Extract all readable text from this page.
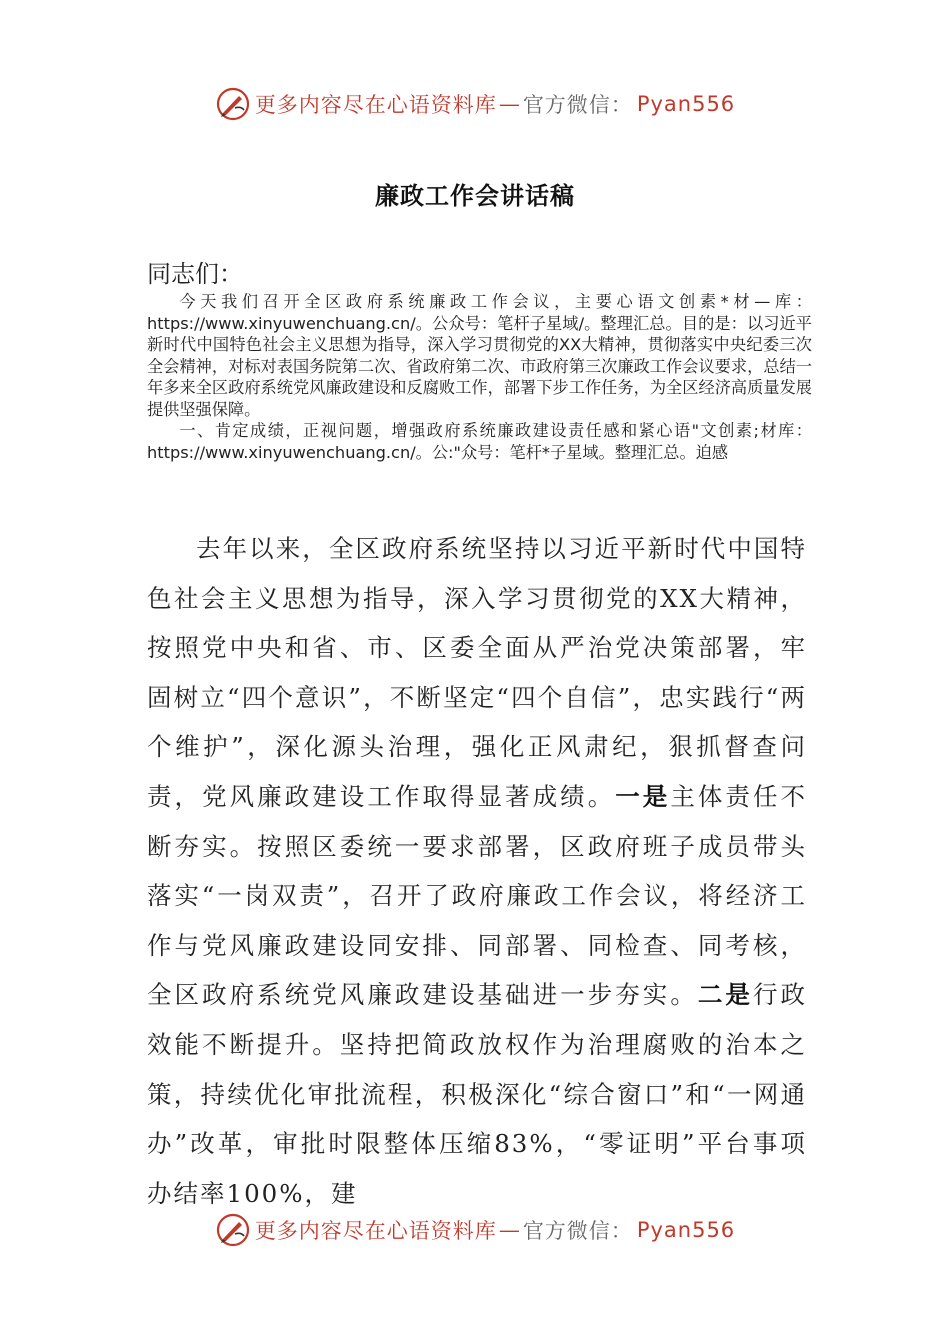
更多内容尽在心语资料库 — 官方微信： Pyan556
廉政工作会讲话稿
同志们：

今天我们召开全区政府系统廉政工作会议，主要心语文创素*材—库：https://www.xinyuwenchuang.cn/。公众号：笔杆子星域/。整理汇总。目的是：以习近平新时代中国特色社会主义思想为指导，深入学习贯彻党的XX大精神，贯彻落实中央纪委三次全会精神，对标对表国务院第二次、省政府第二次、市政府第三次廉政工作会议要求，总结一年多来全区政府系统党风廉政建设和反腐败工作，部署下步工作任务，为全区经济高质量发展提供坚强保障。

一、肯定成绩，正视问题，增强政府系统廉政建设责任感和紧心语"文创素;材库：https://www.xinyuwenchuang.cn/。公:"众号：笔杆*子星域。整理汇总。迫感

去年以来，全区政府系统坚持以习近平新时代中国特色社会主义思想为指导，深入学习贯彻党的XX大精神，按照党中央和省、市、区委全面从严治党决策部署，牢固树立“四个意识”，不断坚定“四个自信”，忠实践行“两个维护”，深化源头治理，强化正风肃纪，狠抓督查问责，党风廉政建设工作取得显著成绩。一是主体责任不断夯实。按照区委统一要求部署，区政府班子成员带头落实“一岗双责”，召开了政府廉政工作会议，将经济工作与党风廉政建设同安排、同部署、同检查、同考核，全区政府系统党风廉政建设基础进一步夯实。二是行政效能不断提升。坚持把简政放权作为治理腐败的治本之策，持续优化审批流程，积极深化“综合窗口”和“一网通办”改革，审批时限整体压缩83%，“零证明”平台事项办结率100%，建

更多内容尽在心语资料库 — 官方微信： Pyan556
